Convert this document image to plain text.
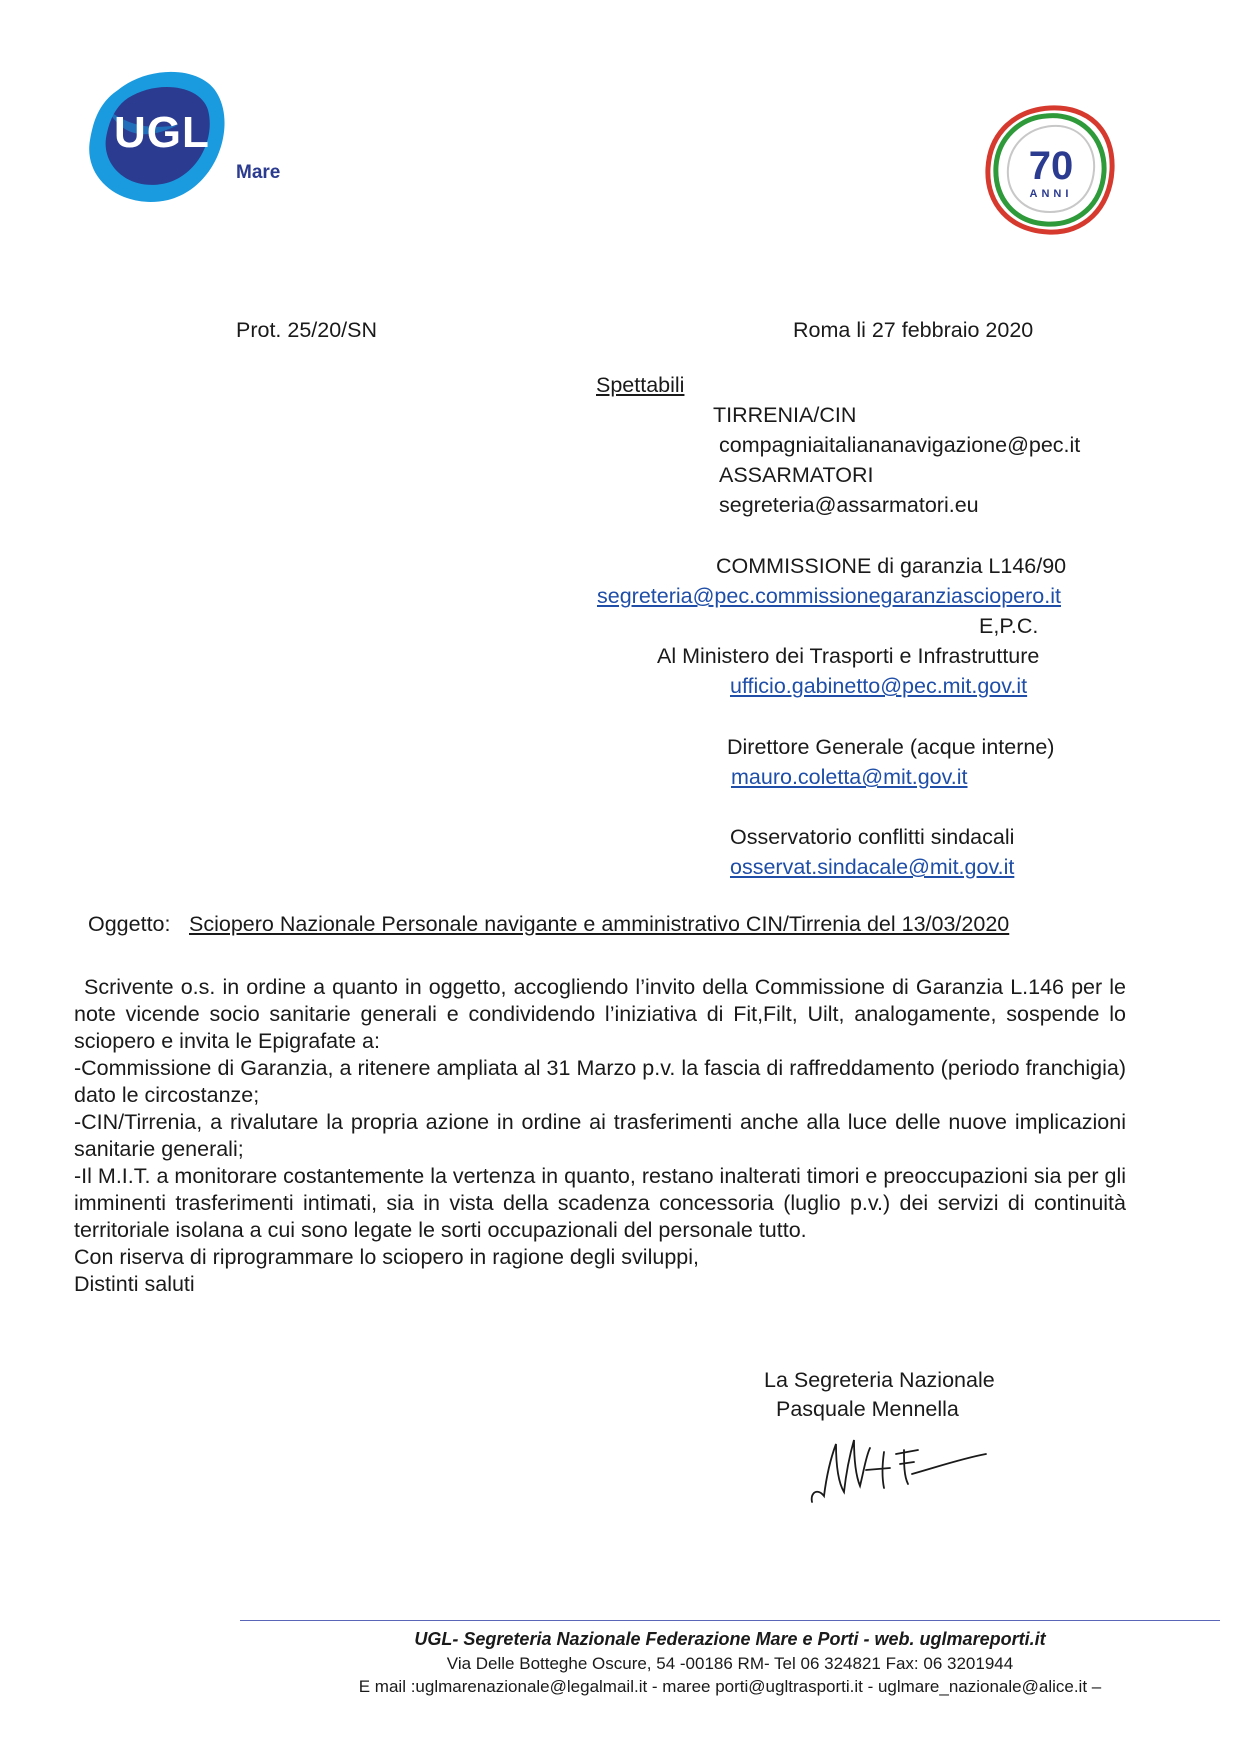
UGL
Mare	70
ANNI
Prot. 25/20/SN	Roma li 27 febbraio 2020
Spettabili
TIRRENIA/CIN
compagniaitaliananavigazione@pec.it
ASSARMATORI
segreteria@assarmatori.eu
COMMISSIONE di garanzia L146/90
segreteria@pec.commissionegaranziasciopero.it
E,P.C.
Al Ministero dei Trasporti e Infrastrutture
ufficio.gabinetto@pec.mit.gov.it
Direttore Generale (acque interne)
mauro.coletta@mit.gov.it
Osservatorio conflitti sindacali
osservat.sindacale@mit.gov.it
Oggetto: Sciopero Nazionale Personale navigante e amministrativo CIN/Tirrenia del 13/03/2020

Scrivente o.s. in ordine a quanto in oggetto, accogliendo l’invito della Commissione di Garanzia L.146 per le note vicende socio sanitarie generali e condividendo l’iniziativa di Fit,Filt, Uilt, analogamente, sospende lo sciopero e invita le Epigrafate a:

-Commissione di Garanzia, a ritenere ampliata al 31 Marzo p.v. la fascia di raffreddamento (periodo franchigia) dato le circostanze;

-CIN/Tirrenia, a rivalutare la propria azione in ordine ai trasferimenti anche alla luce delle nuove implicazioni sanitarie generali;

-Il M.I.T. a monitorare costantemente la vertenza in quanto, restano inalterati timori e preoccupazioni sia per gli imminenti trasferimenti intimati, sia in vista della scadenza concessoria (luglio p.v.) dei servizi di continuità territoriale isolana a cui sono legate le sorti occupazionali del personale tutto.

Con riserva di riprogrammare lo sciopero in ragione degli sviluppi,

Distinti saluti

La Segreteria Nazionale
Pasquale Mennella
UGL- Segreteria Nazionale Federazione Mare e Porti - web. uglmareporti.it
Via Delle Botteghe Oscure, 54 -00186 RM- Tel 06 324821 Fax: 06 3201944
E mail :uglmarenazionale@legalmail.it - maree porti@ugltrasporti.it - uglmare_nazionale@alice.it –
